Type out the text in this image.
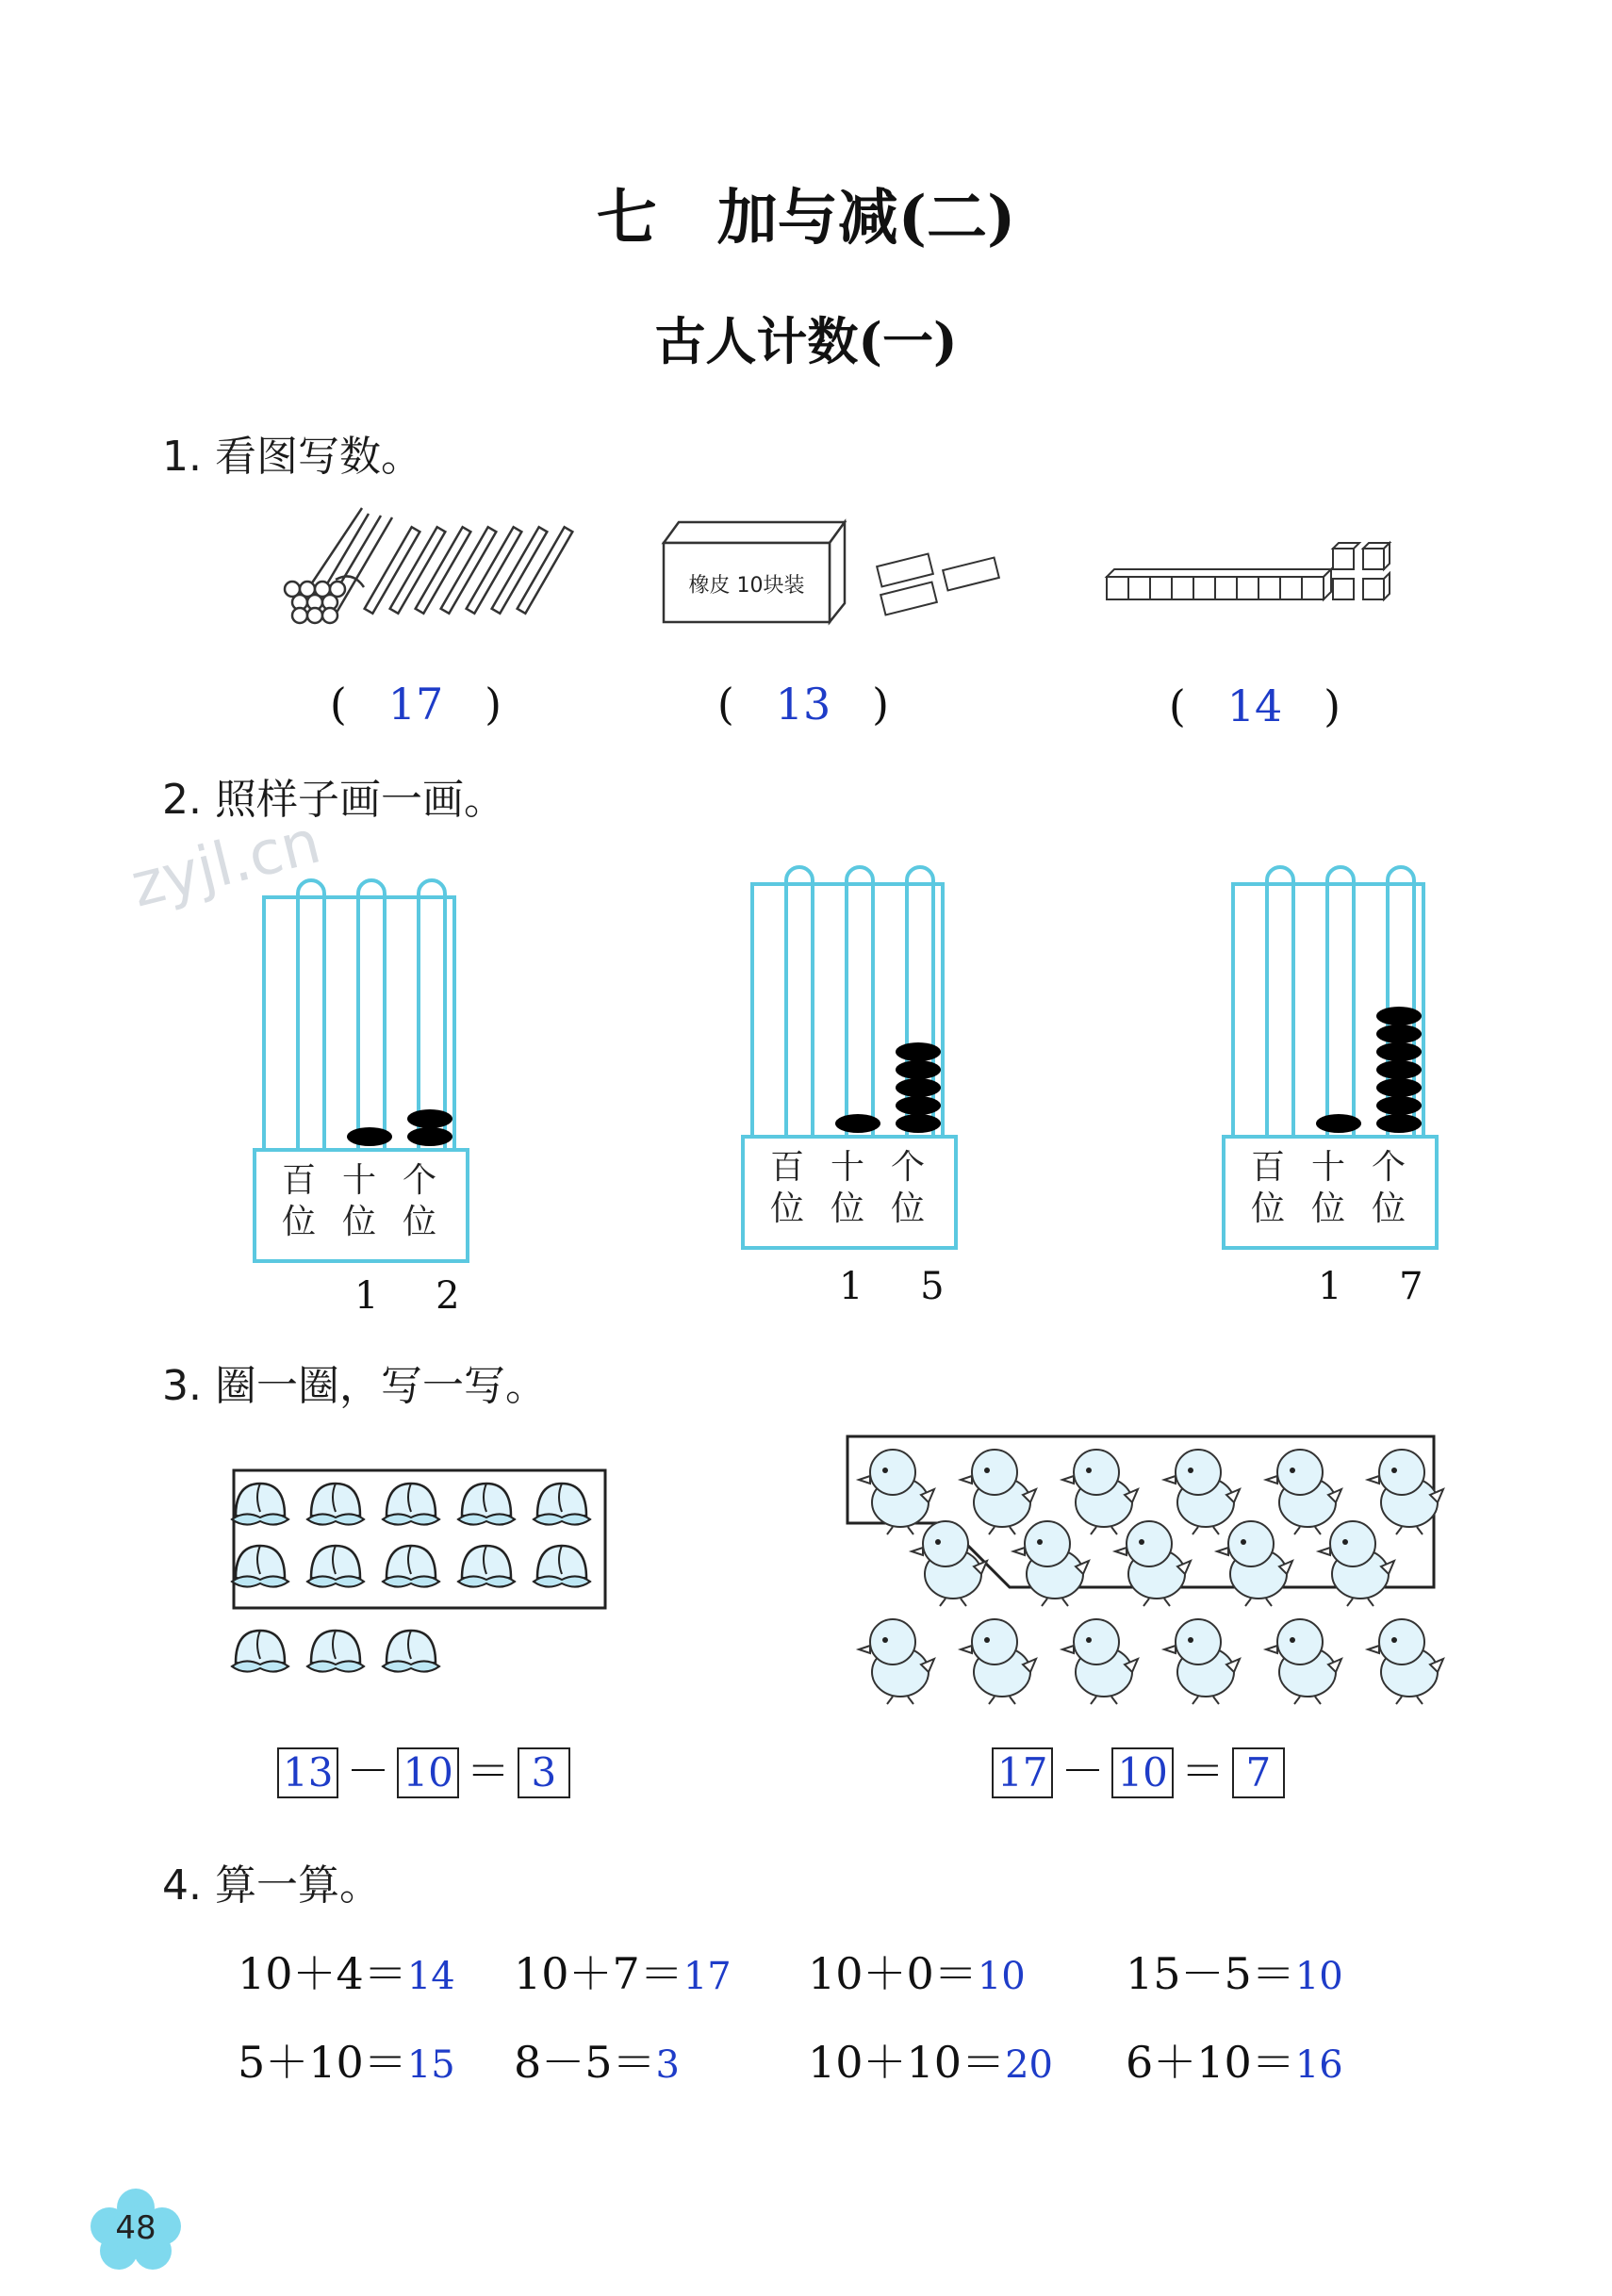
七　加与减(二)
古人计数(一)
zyjl.cn
1. 看图写数。
橡皮 10块装
( 17 )	( 13 )	( 14 )
2. 照样子画一画。
百
位
十
位
个
位
1 2
百
位
十
位
个
位
1 5
百
位
十
位
个
位
1 7
3. 圈一圈，写一写。
13 － 10 ＝ 3	17 － 10 ＝ 7
4. 算一算。
10＋4＝14 10＋7＝17 10＋0＝10 15－5＝10
5＋10＝15 8－5＝3	10＋10＝20 6＋10＝16
48
